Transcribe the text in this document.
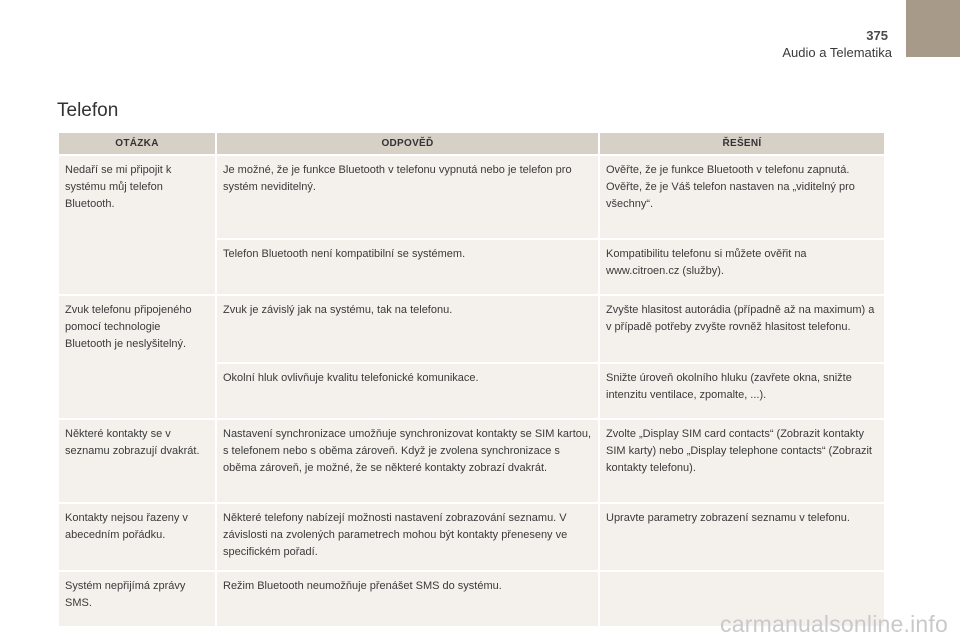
375
Audio a Telematika
Telefon
OTÁZKA	ODPOVĚĎ	ŘEŠENÍ
Nedaří se mi připojit k systému můj telefon Bluetooth.	Je možné, že je funkce Bluetooth v telefonu vypnutá nebo je telefon pro systém neviditelný.	Ověřte, že je funkce Bluetooth v telefonu zapnutá. Ověřte, že je Váš telefon nastaven na „viditelný pro všechny“.
	Telefon Bluetooth není kompatibilní se systémem.	Kompatibilitu telefonu si můžete ověřit na www.citroen.cz (služby).
Zvuk telefonu připojeného pomocí technologie Bluetooth je neslyšitelný.	Zvuk je závislý jak na systému, tak na telefonu.	Zvyšte hlasitost autorádia (případně až na maximum) a v případě potřeby zvyšte rovněž hlasitost telefonu.
	Okolní hluk ovlivňuje kvalitu telefonické komunikace.	Snižte úroveň okolního hluku (zavřete okna, snižte intenzitu ventilace, zpomalte, ...).
Některé kontakty se v seznamu zobrazují dvakrát.	Nastavení synchronizace umožňuje synchronizovat kontakty se SIM kartou, s telefonem nebo s oběma zároveň. Když je zvolena synchronizace s oběma zároveň, je možné, že se některé kontakty zobrazí dvakrát.	Zvolte „Display SIM card contacts“ (Zobrazit kontakty SIM karty) nebo „Display telephone contacts“ (Zobrazit kontakty telefonu).
Kontakty nejsou řazeny v abecedním pořádku.	Některé telefony nabízejí možnosti nastavení zobrazování seznamu. V závislosti na zvolených parametrech mohou být kontakty přeneseny ve specifickém pořadí.	Upravte parametry zobrazení seznamu v telefonu.
Systém nepřijímá zprávy SMS.	Režim Bluetooth neumožňuje přenášet SMS do systému.	
carmanualsonline.info
